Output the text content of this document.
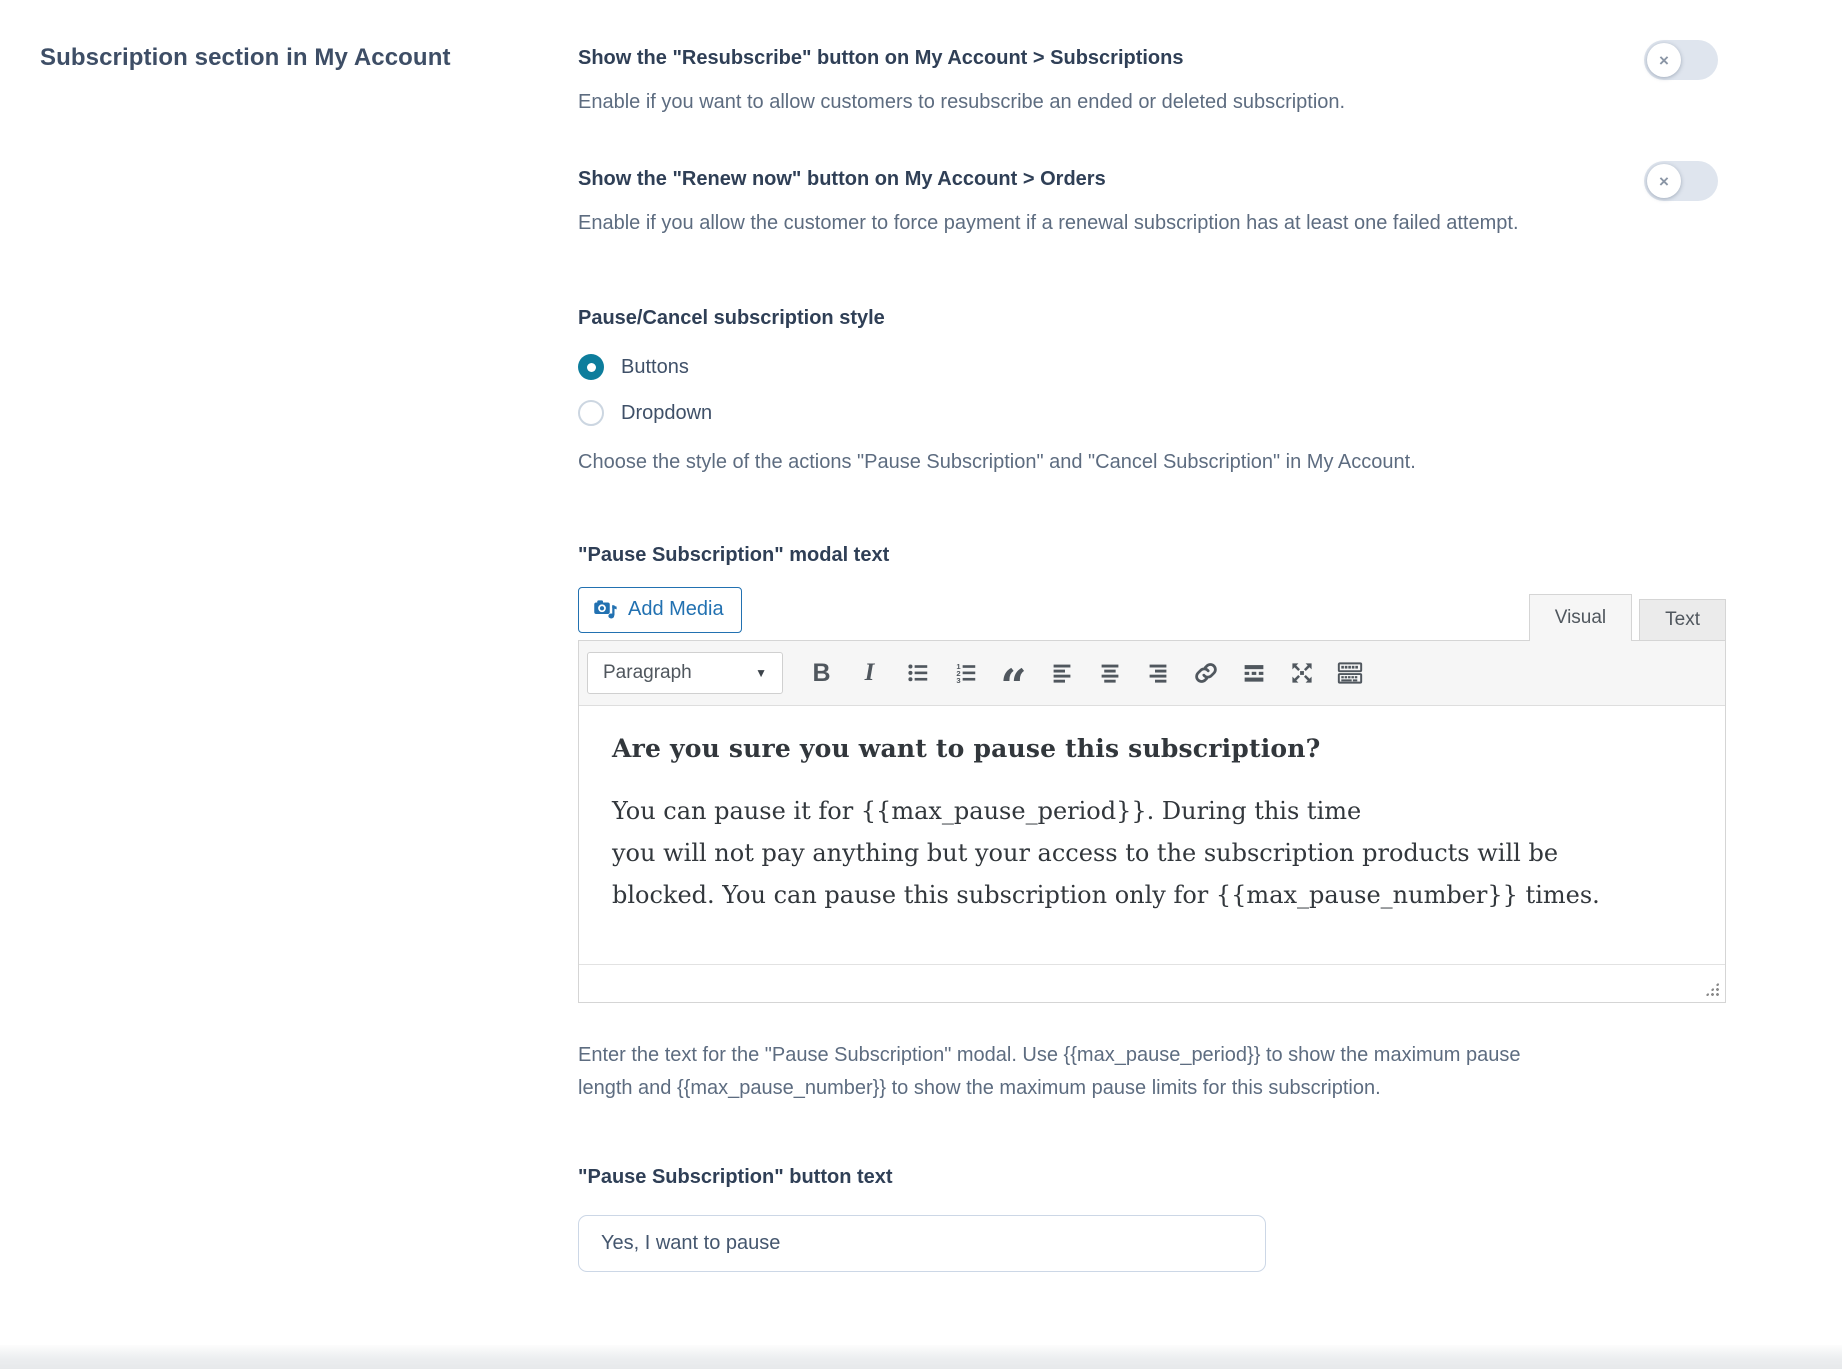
Subscription section in My Account	Show the "Resubscribe" button on My Account > Subscriptions	×
Enable if you want to allow customers to resubscribe an ended or deleted subscription.
Show the "Renew now" button on My Account > Orders	×
Enable if you allow the customer to force payment if a renewal subscription has at least one failed attempt.
Pause/Cancel subscription style
Buttons
Dropdown
Choose the style of the actions "Pause Subscription" and "Cancel Subscription" in My Account.
"Pause Subscription" modal text
Add Media	Visual	Text
Paragraph	▼ B I	1
2
3 “
Are you sure you want to pause this subscription?
You can pause it for {{max_pause_period}}. During this time
you will not pay anything but your access to the subscription products will be
blocked. You can pause this subscription only for {{max_pause_number}} times.
Enter the text for the "Pause Subscription" modal. Use {{max_pause_period}} to show the maximum pause length and {{max_pause_number}} to show the maximum pause limits for this subscription.
"Pause Subscription" button text
Yes, I want to pause
